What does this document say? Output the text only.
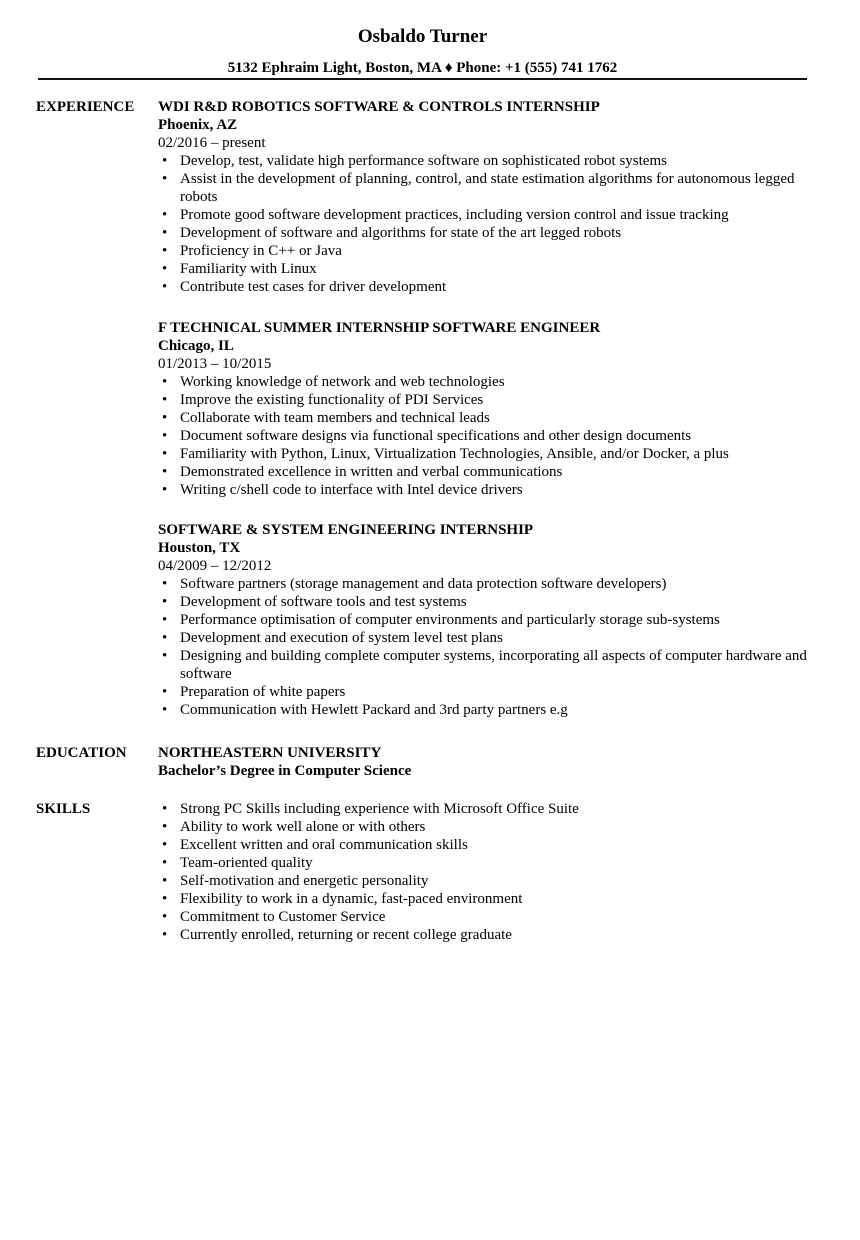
Osbaldo Turner
5132 Ephraim Light, Boston, MA ♦ Phone: +1 (555) 741 1762
EXPERIENCE WDI R&D ROBOTICS SOFTWARE & CONTROLS INTERNSHIP
Phoenix, AZ
02/2016 – present
• Develop, test, validate high performance software on sophisticated robot systems
• Assist in the development of planning, control, and state estimation algorithms for autonomous legged robots
• Promote good software development practices, including version control and issue tracking
• Development of software and algorithms for state of the art legged robots
• Proficiency in C++ or Java
• Familiarity with Linux
• Contribute test cases for driver development
F TECHNICAL SUMMER INTERNSHIP SOFTWARE ENGINEER
Chicago, IL
01/2013 – 10/2015
• Working knowledge of network and web technologies
• Improve the existing functionality of PDI Services
• Collaborate with team members and technical leads
• Document software designs via functional specifications and other design documents
• Familiarity with Python, Linux, Virtualization Technologies, Ansible, and/or Docker, a plus
• Demonstrated excellence in written and verbal communications
• Writing c/shell code to interface with Intel device drivers
SOFTWARE & SYSTEM ENGINEERING INTERNSHIP
Houston, TX
04/2009 – 12/2012
• Software partners (storage management and data protection software developers)
• Development of software tools and test systems
• Performance optimisation of computer environments and particularly storage sub-systems
• Development and execution of system level test plans
• Designing and building complete computer systems, incorporating all aspects of computer hardware and software
• Preparation of white papers
• Communication with Hewlett Packard and 3rd party partners e.g
EDUCATION NORTHEASTERN UNIVERSITY
Bachelor’s Degree in Computer Science
SKILLS
•	Strong PC Skills including experience with Microsoft Office Suite
• Ability to work well alone or with others
• Excellent written and oral communication skills
• Team-oriented quality
• Self-motivation and energetic personality
• Flexibility to work in a dynamic, fast-paced environment
• Commitment to Customer Service
• Currently enrolled, returning or recent college graduate
